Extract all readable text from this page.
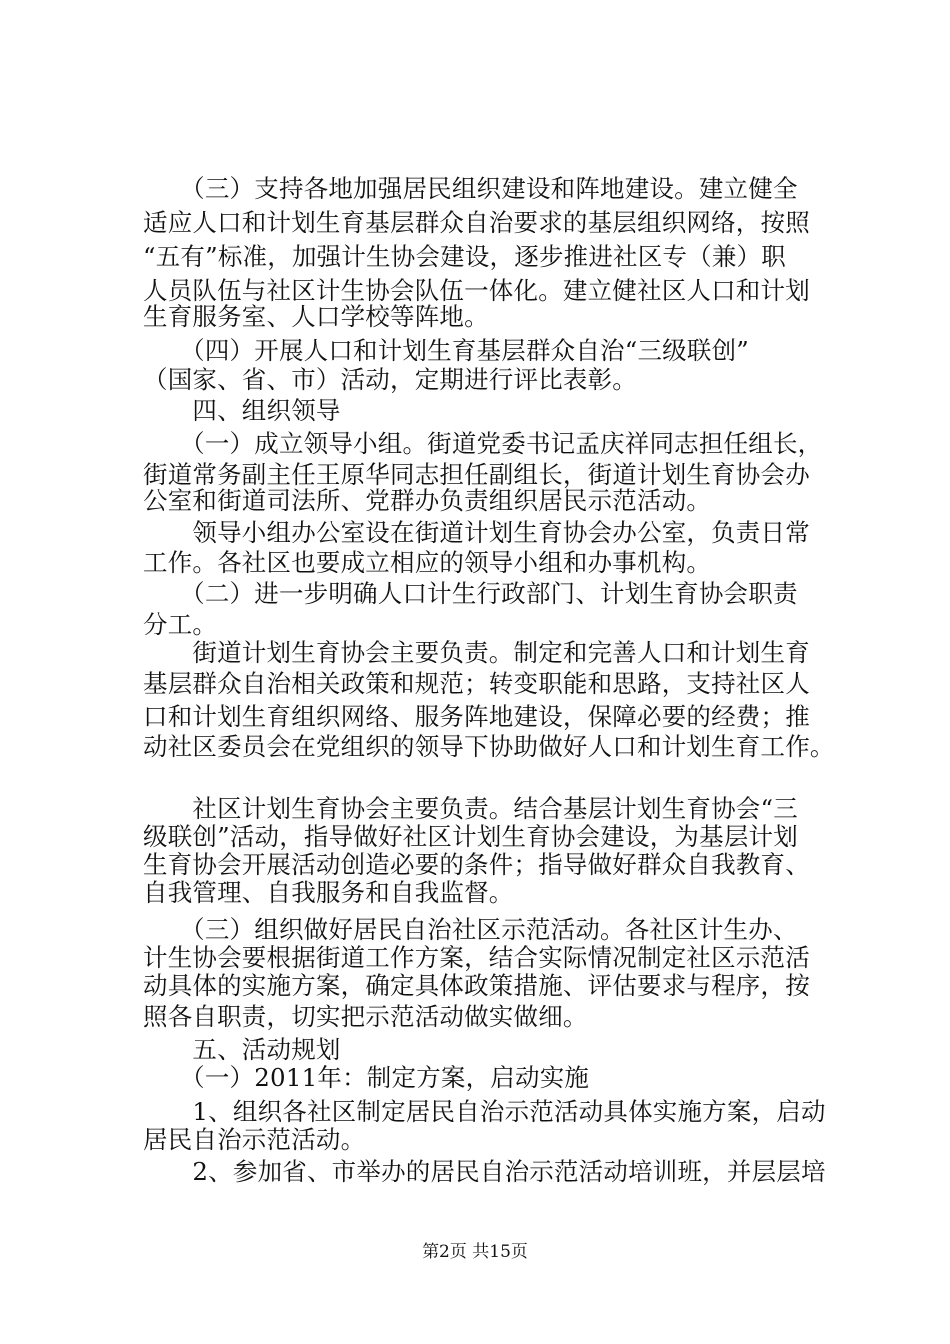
　　（三）支持各地加强居民组织建设和阵地建设。建立健全
适应人口和计划生育基层群众自治要求的基层组织网络，按照
“五有”标准，加强计生协会建设，逐步推进社区专（兼）职
人员队伍与社区计生协会队伍一体化。建立健社区人口和计划
生育服务室、人口学校等阵地。
　　（四）开展人口和计划生育基层群众自治“三级联创”
（国家、省、市）活动，定期进行评比表彰。
　　四、组织领导
　　（一）成立领导小组。街道党委书记孟庆祥同志担任组长，
街道常务副主任王原华同志担任副组长，街道计划生育协会办
公室和街道司法所、党群办负责组织居民示范活动。
　　领导小组办公室设在街道计划生育协会办公室，负责日常
工作。各社区也要成立相应的领导小组和办事机构。
　　（二）进一步明确人口计生行政部门、计划生育协会职责
分工。
　　街道计划生育协会主要负责。制定和完善人口和计划生育
基层群众自治相关政策和规范；转变职能和思路，支持社区人
口和计划生育组织网络、服务阵地建设，保障必要的经费；推
动社区委员会在党组织的领导下协助做好人口和计划生育工作。
　　社区计划生育协会主要负责。结合基层计划生育协会“三
级联创”活动，指导做好社区计划生育协会建设，为基层计划
生育协会开展活动创造必要的条件；指导做好群众自我教育、
自我管理、自我服务和自我监督。
　　（三）组织做好居民自治社区示范活动。各社区计生办、
计生协会要根据街道工作方案，结合实际情况制定社区示范活
动具体的实施方案，确定具体政策措施、评估要求与程序，按
照各自职责，切实把示范活动做实做细。
　　五、活动规划
　　（一）2011年：制定方案，启动实施
　　1、组织各社区制定居民自治示范活动具体实施方案，启动
居民自治示范活动。
　　2、参加省、市举办的居民自治示范活动培训班，并层层培
第2页 共15页
